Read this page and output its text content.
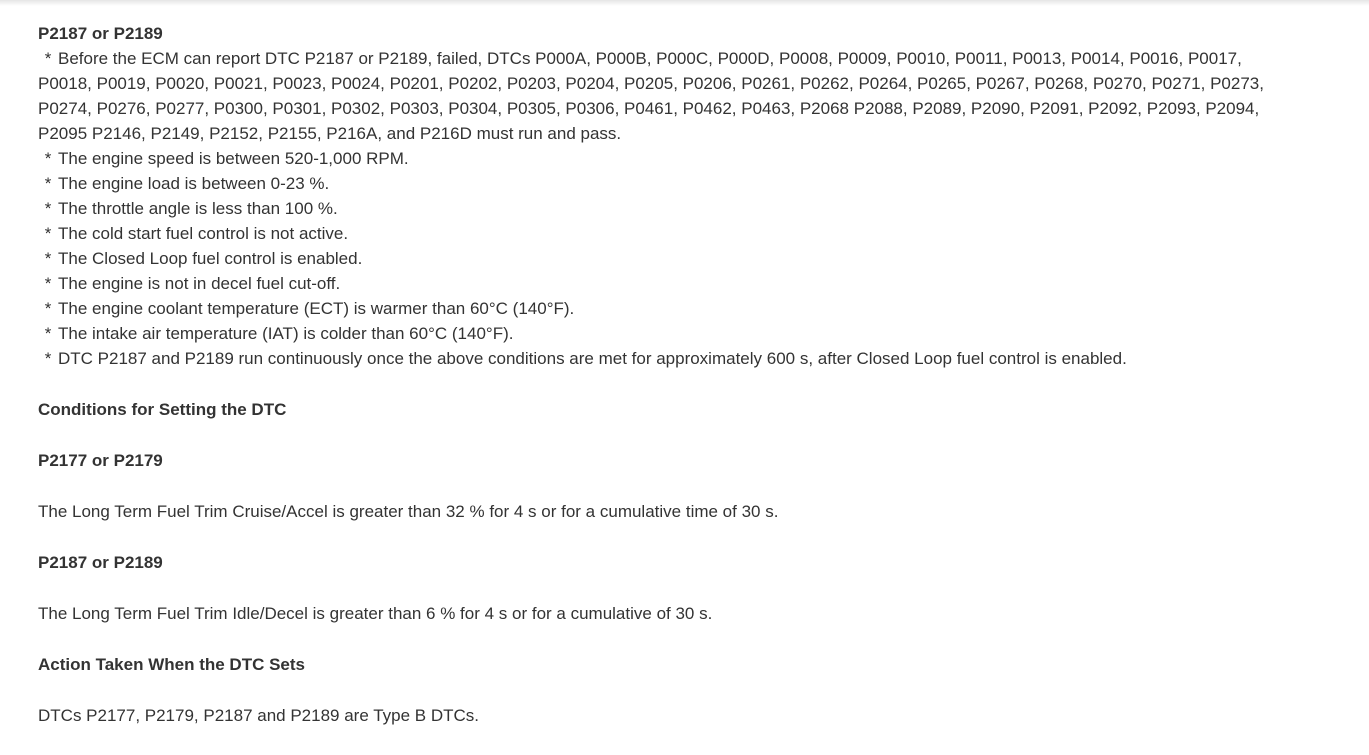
P2187 or P2189
* Before the ECM can report DTC P2187 or P2189, failed, DTCs P000A, P000B, P000C, P000D, P0008, P0009, P0010, P0011, P0013, P0014, P0016, P0017, P0018, P0019, P0020, P0021, P0023, P0024, P0201, P0202, P0203, P0204, P0205, P0206, P0261, P0262, P0264, P0265, P0267, P0268, P0270, P0271, P0273, P0274, P0276, P0277, P0300, P0301, P0302, P0303, P0304, P0305, P0306, P0461, P0462, P0463, P2068 P2088, P2089, P2090, P2091, P2092, P2093, P2094, P2095 P2146, P2149, P2152, P2155, P216A, and P216D must run and pass.
* The engine speed is between 520-1,000 RPM.
* The engine load is between 0-23 %.
* The throttle angle is less than 100 %.
* The cold start fuel control is not active.
* The Closed Loop fuel control is enabled.
* The engine is not in decel fuel cut-off.
* The engine coolant temperature (ECT) is warmer than 60°C (140°F).
* The intake air temperature (IAT) is colder than 60°C (140°F).
* DTC P2187 and P2189 run continuously once the above conditions are met for approximately 600 s, after Closed Loop fuel control is enabled.
Conditions for Setting the DTC
P2177 or P2179
The Long Term Fuel Trim Cruise/Accel is greater than 32 % for 4 s or for a cumulative time of 30 s.
P2187 or P2189
The Long Term Fuel Trim Idle/Decel is greater than 6 % for 4 s or for a cumulative of 30 s.
Action Taken When the DTC Sets
DTCs P2177, P2179, P2187 and P2189 are Type B DTCs.
